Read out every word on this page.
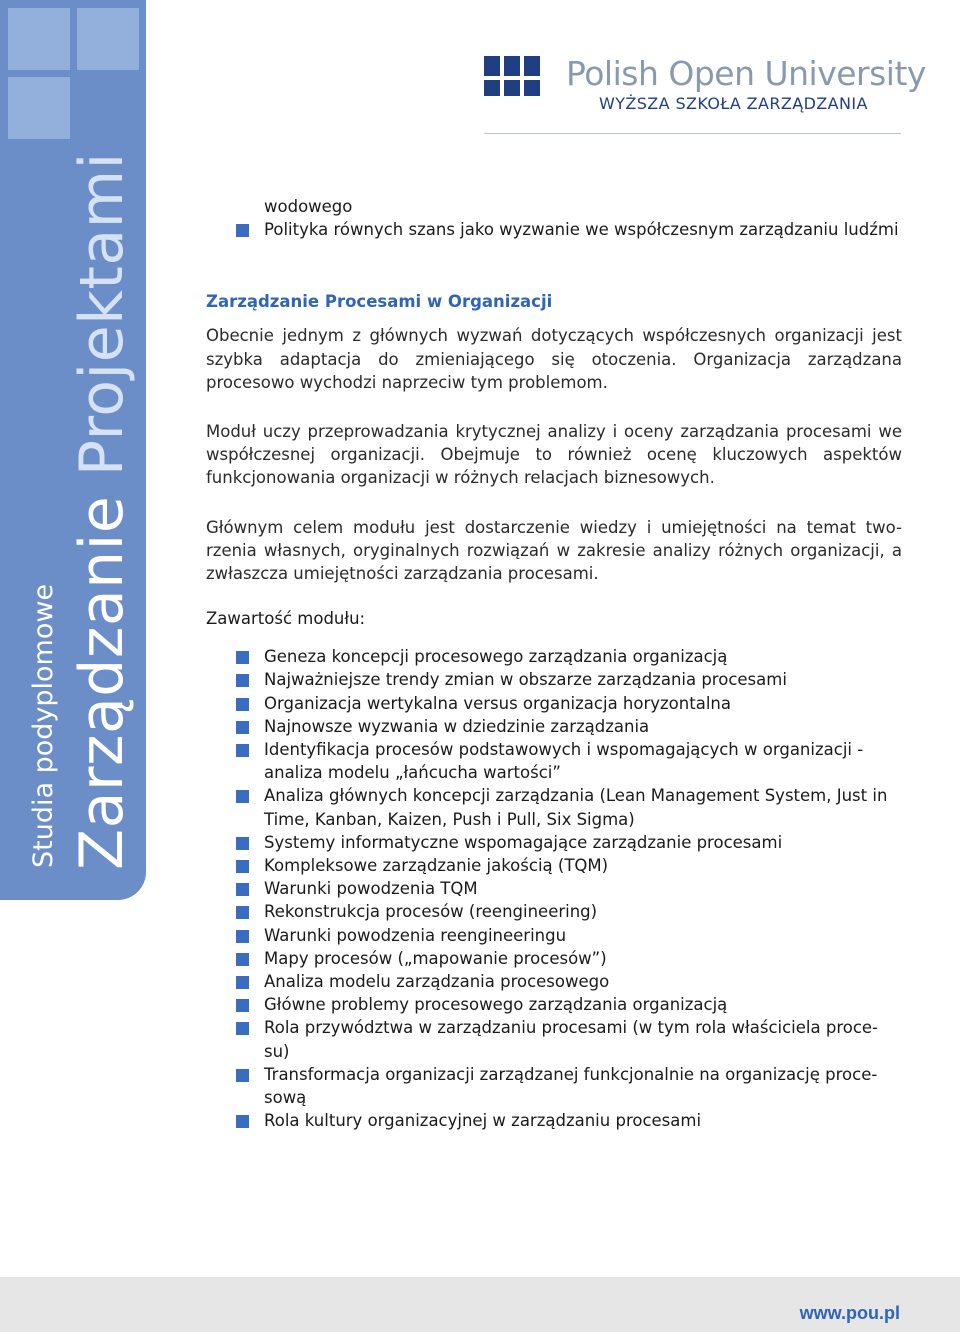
Studia podyplomowe Zarządzanie Projektami
Polish Open University
WYŻSZA SZKOŁA ZARZĄDZANIA
wodowego
Polityka równych szans jako wyzwanie we współczesnym zarządzaniu ludźmi
Zarządzanie Procesami w Organizacji
Obecnie jednym z głównych wyzwań dotyczących współczesnych organizacji jest szybka adaptacja do zmieniającego się otoczenia. Organizacja zarządzana procesowo wychodzi naprzeciw tym problemom.
Moduł uczy przeprowadzania krytycznej analizy i oceny zarządzania procesami we współczesnej organizacji. Obejmuje to również ocenę kluczowych aspektów funkcjonowania organizacji w różnych relacjach biznesowych.
Głównym celem modułu jest dostarczenie wiedzy i umiejętności na temat two-rzenia własnych, oryginalnych rozwiązań w zakresie analizy różnych organizacji, a zwłaszcza umiejętności zarządzania procesami.
Zawartość modułu:
Geneza koncepcji procesowego zarządzania organizacją
Najważniejsze trendy zmian w obszarze zarządzania procesami
Organizacja wertykalna versus organizacja horyzontalna
Najnowsze wyzwania w dziedzinie zarządzania
Identyfikacja procesów podstawowych i wspomagających w organizacji - analiza modelu „łańcucha wartości”
Analiza głównych koncepcji zarządzania (Lean Management System, Just in Time, Kanban, Kaizen, Push i Pull, Six Sigma)
Systemy informatyczne wspomagające zarządzanie procesami
Kompleksowe zarządzanie jakością (TQM)
Warunki powodzenia TQM
Rekonstrukcja procesów (reengineering)
Warunki powodzenia reengineeringu
Mapy procesów („mapowanie procesów”)
Analiza modelu zarządzania procesowego
Główne problemy procesowego zarządzania organizacją
Rola przywództwa w zarządzaniu procesami (w tym rola właściciela proce-su)
Transformacja organizacji zarządzanej funkcjonalnie na organizację proce-sową
Rola kultury organizacyjnej w zarządzaniu procesami
www.pou.pl
